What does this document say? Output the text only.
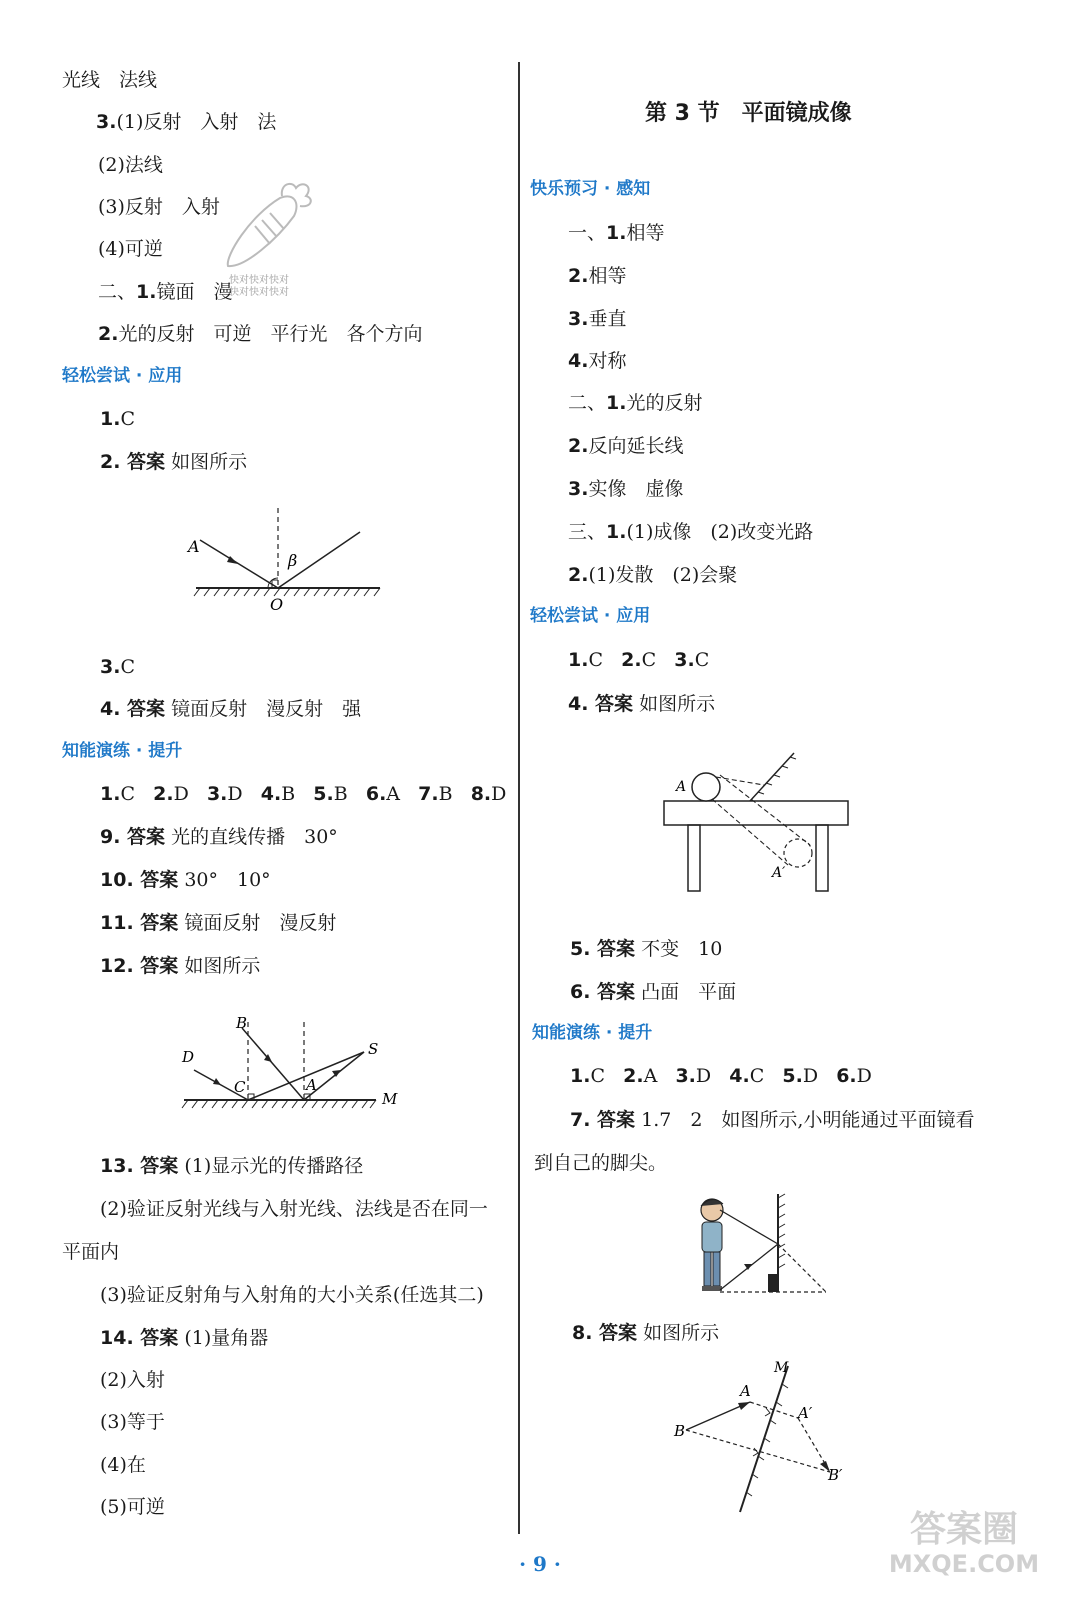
光线　法线
3.(1)反射　入射　法
(2)法线
(3)反射　入射
(4)可逆
二、1.镜面　漫
快对快对快对
快对快对快对
2.光的反射　可逆　平行光　各个方向
轻松尝试 · 应用
1.C
2. 答案 如图所示
A
β
O
3.C
4. 答案 镜面反射　漫反射　强
知能演练 · 提升
1.C 2.D 3.D 4.B 5.B 6.A 7.B 8.D
9. 答案 光的直线传播　30°
10. 答案 30°　10°
11. 答案 镜面反射　漫反射
12. 答案 如图所示
B
D
C	A
S
M
13. 答案 (1)显示光的传播路径
(2)验证反射光线与入射光线、法线是否在同一
平面内
(3)验证反射角与入射角的大小关系(任选其二)
14. 答案 (1)量角器
(2)入射
(3)等于
(4)在
(5)可逆
第 3 节　平面镜成像
快乐预习 · 感知
一、1.相等
2.相等
3.垂直
4.对称
二、1.光的反射
2.反向延长线
3.实像　虚像
三、1.(1)成像　(2)改变光路
2.(1)发散　(2)会聚
轻松尝试 · 应用
1.C 2.C 3.C
4. 答案 如图所示
A
A′
5. 答案 不变　10
6. 答案 凸面　平面
知能演练 · 提升
1.C 2.A 3.D 4.C 5.D 6.D
7. 答案 1.7　2　如图所示,小明能通过平面镜看
到自己的脚尖。
8. 答案 如图所示
M
A
A′
B
B′
· 9 ·
答案圈
MXQE.COM
